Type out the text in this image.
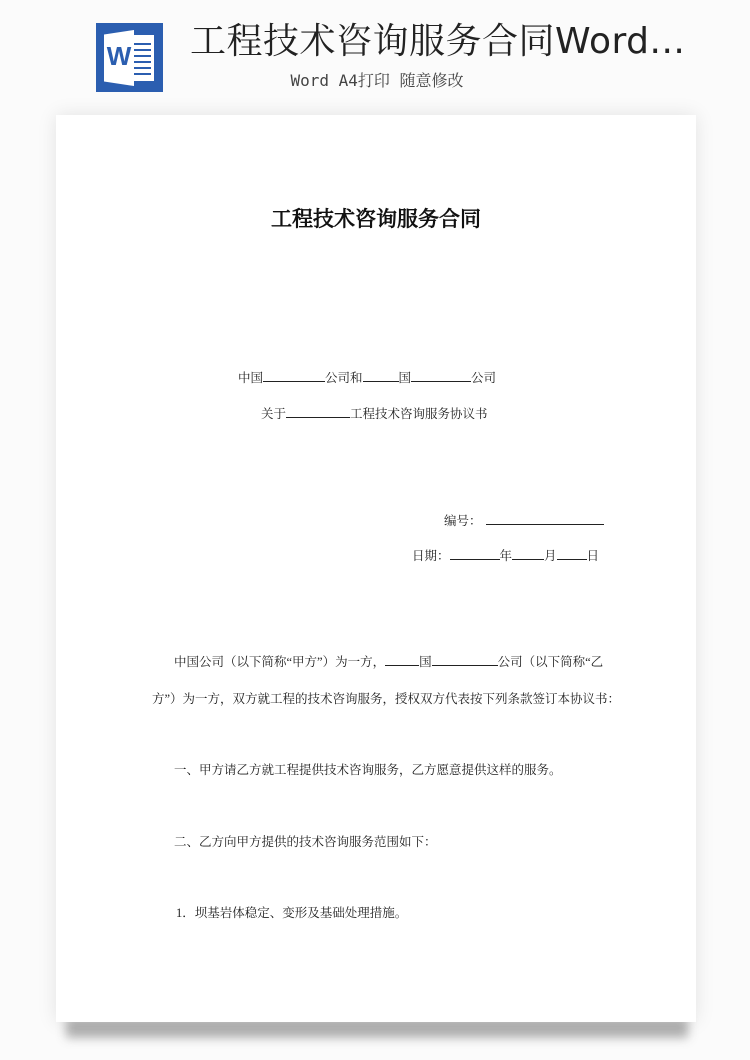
W 工程技术咨询服务合同Word...
Word A4打印 随意修改
工程技术咨询服务合同
中国	公司和	国	公司
关于	工程技术咨询服务协议书
编号：
日期：	年	月 日
中国公司（以下简称“甲方”）为一方，	国	公司（以下简称“乙
方”）为一方，双方就工程的技术咨询服务，授权双方代表按下列条款签订本协议书：
一、甲方请乙方就工程提供技术咨询服务，乙方愿意提供这样的服务。
二、乙方向甲方提供的技术咨询服务范围如下：
1．坝基岩体稳定、变形及基础处理措施。
